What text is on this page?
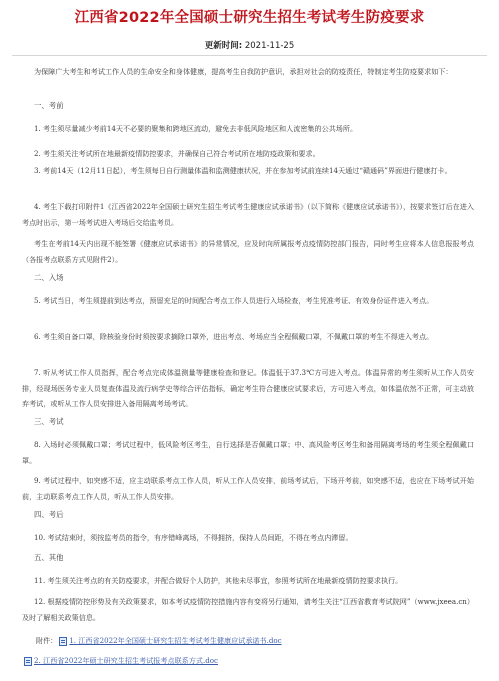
江西省2022年全国硕士研究生招生考试考生防疫要求
更新时间: 2021-11-25

为保障广大考生和考试工作人员的生命安全和身体健康，提高考生自我防护意识，承担对社会的防疫责任，特制定考生防疫要求如下：

一、考前

1. 考生须尽量减少考前14天不必要的聚集和跨地区流动，避免去非低风险地区和人流密集的公共场所。

2. 考生须关注考试所在地最新疫情防控要求，并确保自己符合考试所在地防疫政策和要求。

3. 考前14天（12月11日起），考生须每日自行测量体温和监测健康状况，并在参加考试前连续14天通过“赣通码”界面进行健康打卡。

4. 考生下载打印附件1《江西省2022年全国硕士研究生招生考试考生健康应试承诺书》（以下简称《健康应试承诺书》），按要求签订后在进入考点时出示，第一场考试进入考场后交给监考员。

考生在考前14天内出现不能签署《健康应试承诺书》的异常情况，应及时向所属报考点疫情防控部门报告，同时考生应将本人信息报报考点（各报考点联系方式见附件2）。

二、入场

5. 考试当日，考生须提前到达考点，预留充足的时间配合考点工作人员进行入场检查，考生凭准考证、有效身份证件进入考点。

6. 考生须自备口罩，除核验身份时须按要求摘除口罩外，进出考点、考场应当全程佩戴口罩，不佩戴口罩的考生不得进入考点。

7. 听从考试工作人员指挥，配合考点完成体温测量等健康检查和登记。体温低于37.3℃方可进入考点。体温异常的考生须听从工作人员安排，经现场医务专业人员复查体温及流行病学史等综合评估指标，确定考生符合健康应试要求后，方可进入考点，如体温依然不正常，可主动放弃考试，或听从工作人员安排进入备用隔离考场考试。

三、考试

8. 入场时必须佩戴口罩；考试过程中，低风险考区考生，自行选择是否佩戴口罩；中、高风险考区考生和备用隔离考场的考生须全程佩戴口罩。

9. 考试过程中，如突感不适，应主动联系考点工作人员，听从工作人员安排，前场考试后，下场开考前，如突感不适，也应在下场考试开始前，主动联系考点工作人员，听从工作人员安排。

四、考后

10. 考试结束时，须按监考员的指令，有序错峰离场，不得拥挤，保持人员间距，不得在考点内滞留。

五、其他

11. 考生须关注考点的有关防疫要求，并配合做好个人防护，其他未尽事宜，参照考试所在地最新疫情防控要求执行。

12. 根据疫情防控形势及有关政策要求，如本考试疫情防控措施内容有变将另行通知，请考生关注“江西省教育考试院网”（www.jxeea.cn）及时了解相关政策信息。

附件： 1. 江西省2022年全国硕士研究生招生考试考生健康应试承诺书.doc
2. 江西省2022年硕士研究生招生考试报考点联系方式.doc
